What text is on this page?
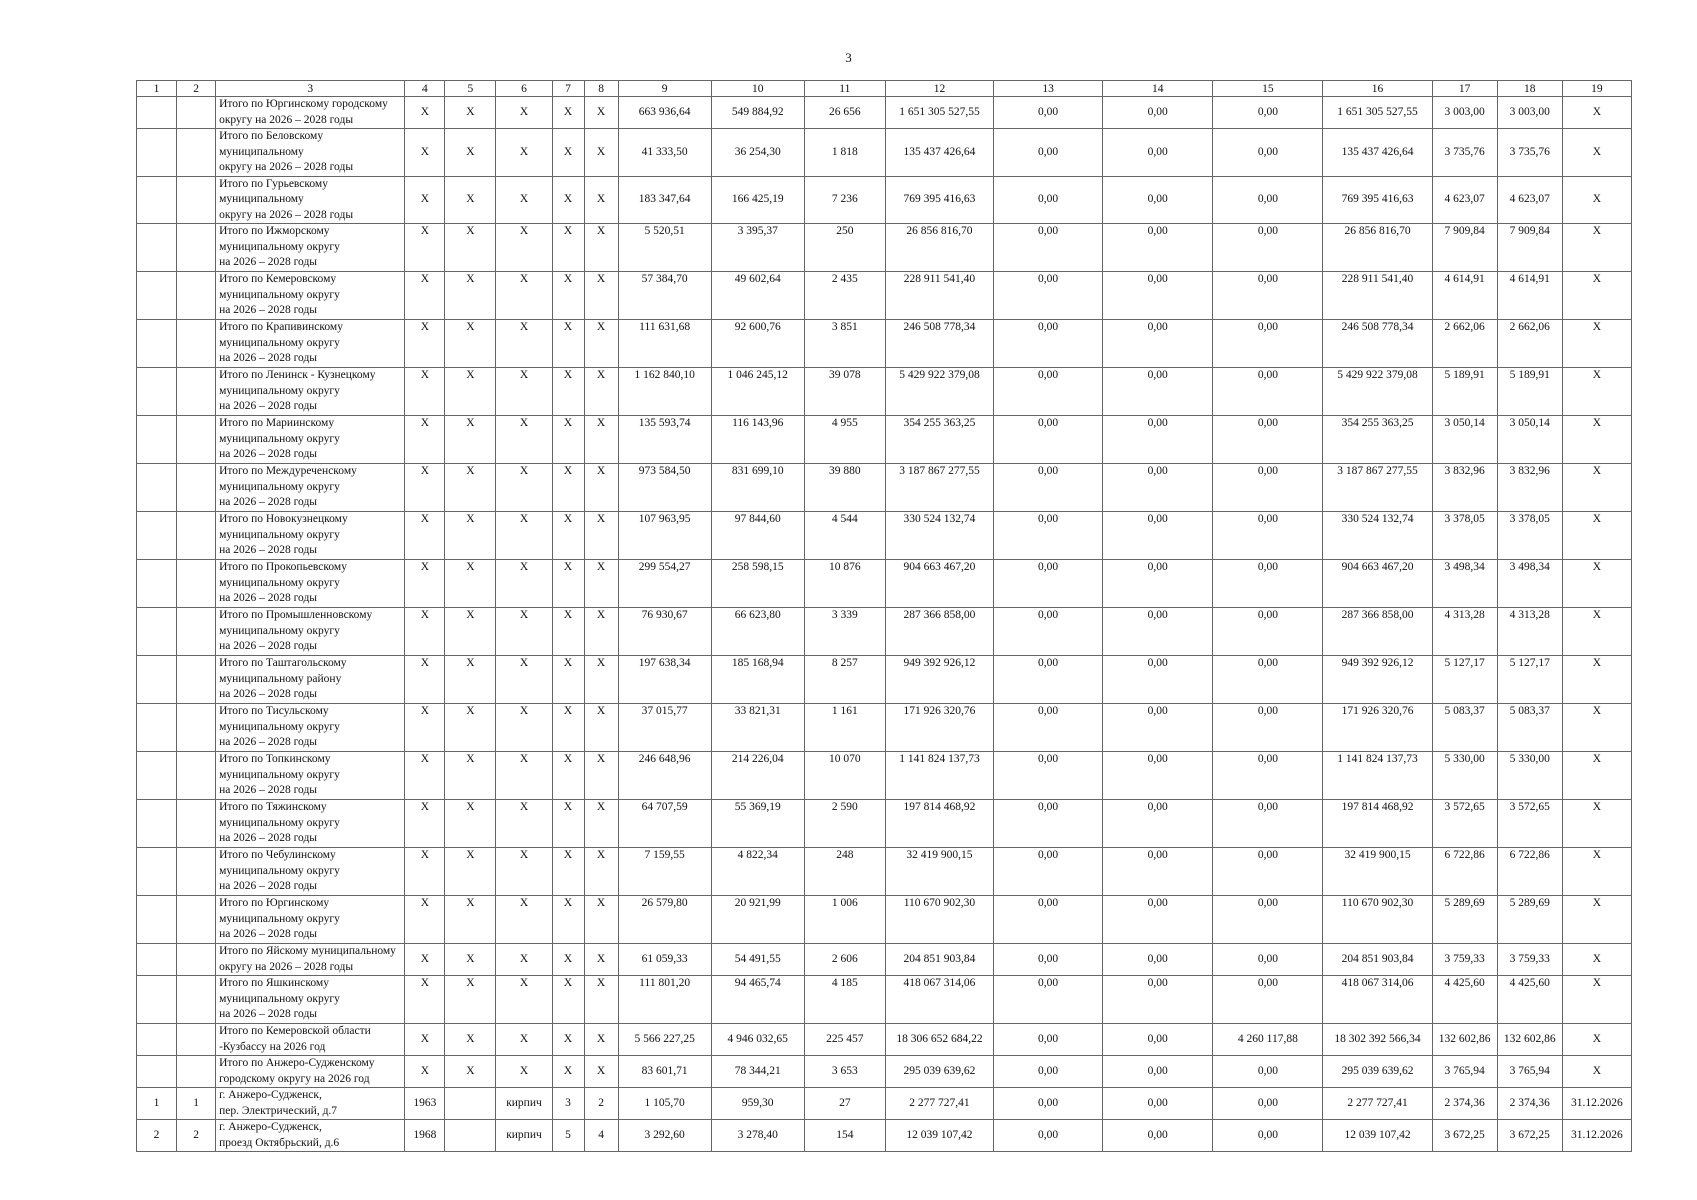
3
1	2	3	4	5	6	7	8	9	10	11	12	13	14	15	16	17	18	19

		Итого по Юргинскому городскому
округу на 2026 – 2028 годы	X	X	X	X	X	663 936,64	549 884,92	26 656	1 651 305 527,55	0,00	0,00	0,00	1 651 305 527,55	3 003,00	3 003,00	X

		Итого по Беловскому муниципальному
округу на 2026 – 2028 годы	X	X	X	X	X	41 333,50	36 254,30	1 818	135 437 426,64	0,00	0,00	0,00	135 437 426,64	3 735,76	3 735,76	X

		Итого по Гурьевскому муниципальному
округу на 2026 – 2028 годы	X	X	X	X	X	183 347,64	166 425,19	7 236	769 395 416,63	0,00	0,00	0,00	769 395 416,63	4 623,07	4 623,07	X

		Итого по Ижморскому
муниципальному округу
на 2026 – 2028 годы	X	X	X	X	X	5 520,51	3 395,37	250	26 856 816,70	0,00	0,00	0,00	26 856 816,70	7 909,84	7 909,84	X

		Итого по Кемеровскому
муниципальному округу
на 2026 – 2028 годы	X	X	X	X	X	57 384,70	49 602,64	2 435	228 911 541,40	0,00	0,00	0,00	228 911 541,40	4 614,91	4 614,91	X

		Итого по Крапивинскому
муниципальному округу
на 2026 – 2028 годы	X	X	X	X	X	111 631,68	92 600,76	3 851	246 508 778,34	0,00	0,00	0,00	246 508 778,34	2 662,06	2 662,06	X

		Итого по Ленинск - Кузнецкому
муниципальному округу
на 2026 – 2028 годы	X	X	X	X	X	1 162 840,10	1 046 245,12	39 078	5 429 922 379,08	0,00	0,00	0,00	5 429 922 379,08	5 189,91	5 189,91	X

		Итого по Мариинскому
муниципальному округу
на 2026 – 2028 годы	X	X	X	X	X	135 593,74	116 143,96	4 955	354 255 363,25	0,00	0,00	0,00	354 255 363,25	3 050,14	3 050,14	X

		Итого по Междуреченскому
муниципальному округу
на 2026 – 2028 годы	X	X	X	X	X	973 584,50	831 699,10	39 880	3 187 867 277,55	0,00	0,00	0,00	3 187 867 277,55	3 832,96	3 832,96	X

		Итого по Новокузнецкому
муниципальному округу
на 2026 – 2028 годы	X	X	X	X	X	107 963,95	97 844,60	4 544	330 524 132,74	0,00	0,00	0,00	330 524 132,74	3 378,05	3 378,05	X

		Итого по Прокопьевскому
муниципальному округу
на 2026 – 2028 годы	X	X	X	X	X	299 554,27	258 598,15	10 876	904 663 467,20	0,00	0,00	0,00	904 663 467,20	3 498,34	3 498,34	X

		Итого по Промышленновскому
муниципальному округу
на 2026 – 2028 годы	X	X	X	X	X	76 930,67	66 623,80	3 339	287 366 858,00	0,00	0,00	0,00	287 366 858,00	4 313,28	4 313,28	X

		Итого по Таштагольскому
муниципальному району
на 2026 – 2028 годы	X	X	X	X	X	197 638,34	185 168,94	8 257	949 392 926,12	0,00	0,00	0,00	949 392 926,12	5 127,17	5 127,17	X

		Итого по Тисульскому
муниципальному округу
на 2026 – 2028 годы	X	X	X	X	X	37 015,77	33 821,31	1 161	171 926 320,76	0,00	0,00	0,00	171 926 320,76	5 083,37	5 083,37	X

		Итого по Топкинскому
муниципальному округу
на 2026 – 2028 годы	X	X	X	X	X	246 648,96	214 226,04	10 070	1 141 824 137,73	0,00	0,00	0,00	1 141 824 137,73	5 330,00	5 330,00	X

		Итого по Тяжинскому
муниципальному округу
на 2026 – 2028 годы	X	X	X	X	X	64 707,59	55 369,19	2 590	197 814 468,92	0,00	0,00	0,00	197 814 468,92	3 572,65	3 572,65	X

		Итого по Чебулинскому
муниципальному округу
на 2026 – 2028 годы	X	X	X	X	X	7 159,55	4 822,34	248	32 419 900,15	0,00	0,00	0,00	32 419 900,15	6 722,86	6 722,86	X

		Итого по Юргинскому
муниципальному округу
на 2026 – 2028 годы	X	X	X	X	X	26 579,80	20 921,99	1 006	110 670 902,30	0,00	0,00	0,00	110 670 902,30	5 289,69	5 289,69	X

		Итого по Яйскому муниципальному
округу на 2026 – 2028 годы	X	X	X	X	X	61 059,33	54 491,55	2 606	204 851 903,84	0,00	0,00	0,00	204 851 903,84	3 759,33	3 759,33	X

		Итого по Яшкинскому
муниципальному округу
на 2026 – 2028 годы	X	X	X	X	X	111 801,20	94 465,74	4 185	418 067 314,06	0,00	0,00	0,00	418 067 314,06	4 425,60	4 425,60	X

		Итого по Кемеровской области
-Кузбассу на 2026 год	X	X	X	X	X	5 566 227,25	4 946 032,65	225 457	18 306 652 684,22	0,00	0,00	4 260 117,88	18 302 392 566,34	132 602,86	132 602,86	X

		Итого по Анжеро-Судженскому
городскому округу на 2026 год	X	X	X	X	X	83 601,71	78 344,21	3 653	295 039 639,62	0,00	0,00	0,00	295 039 639,62	3 765,94	3 765,94	X
1	1	г. Анжеро-Судженск,
пер. Электрический, д.7	1963		кирпич	3	2	1 105,70	959,30	27	2 277 727,41	0,00	0,00	0,00	2 277 727,41	2 374,36	2 374,36	31.12.2026
2	2	г. Анжеро-Судженск,
проезд Октябрьский, д.6	1968		кирпич	5	4	3 292,60	3 278,40	154	12 039 107,42	0,00	0,00	0,00	12 039 107,42	3 672,25	3 672,25	31.12.2026
